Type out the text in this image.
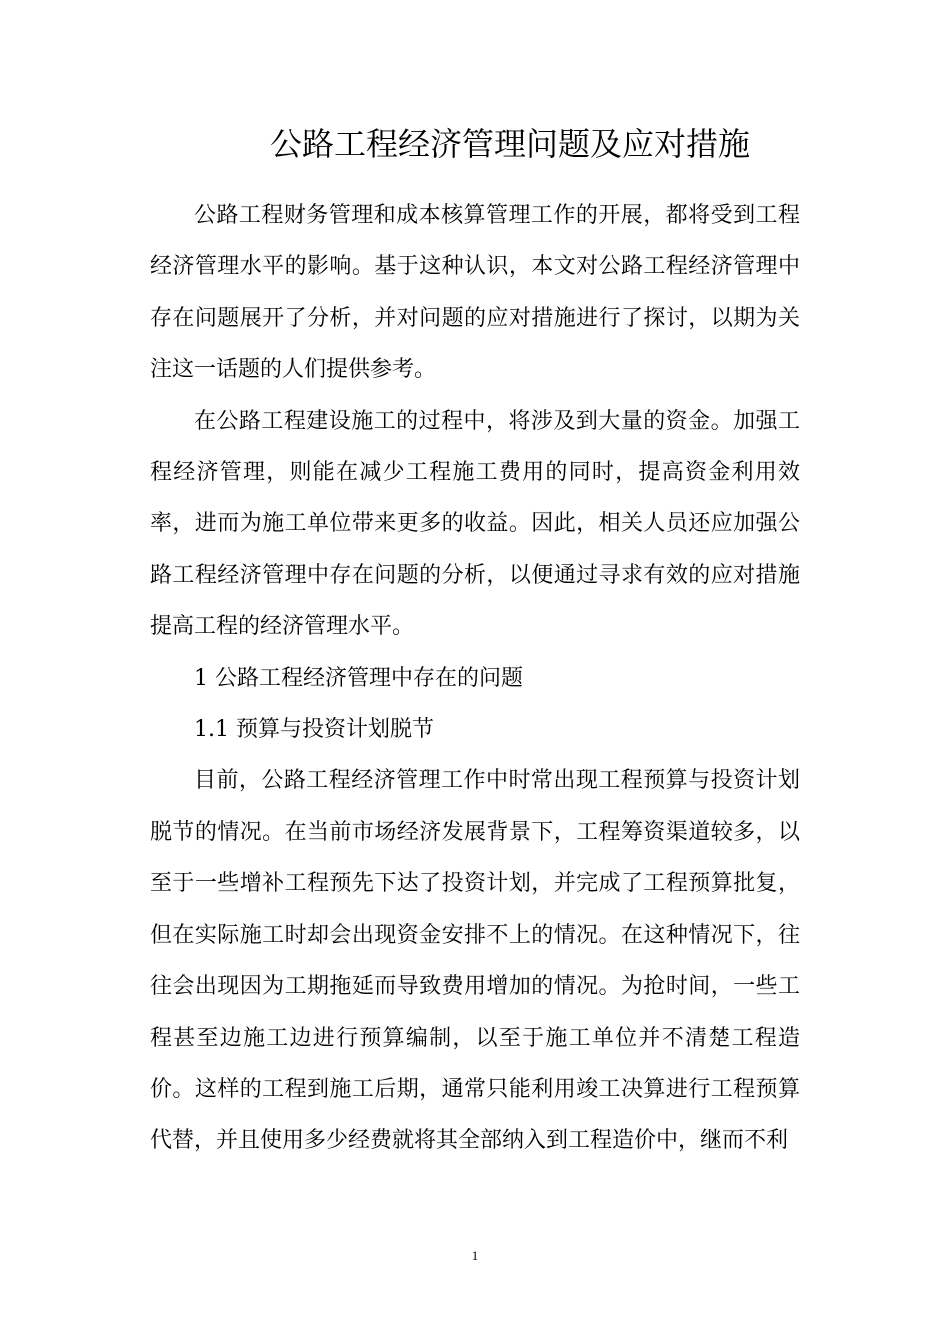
公路工程经济管理问题及应对措施

公路工程财务管理和成本核算管理工作的开展，都将受到工程经济管理水平的影响。基于这种认识，本文对公路工程经济管理中存在问题展开了分析，并对问题的应对措施进行了探讨，以期为关注这一话题的人们提供参考。

在公路工程建设施工的过程中，将涉及到大量的资金。加强工程经济管理，则能在减少工程施工费用的同时，提高资金利用效率，进而为施工单位带来更多的收益。因此，相关人员还应加强公路工程经济管理中存在问题的分析，以便通过寻求有效的应对措施提高工程的经济管理水平。

1 公路工程经济管理中存在的问题

1.1 预算与投资计划脱节

目前，公路工程经济管理工作中时常出现工程预算与投资计划脱节的情况。在当前市场经济发展背景下，工程筹资渠道较多，以至于一些增补工程预先下达了投资计划，并完成了工程预算批复，但在实际施工时却会出现资金安排不上的情况。在这种情况下，往往会出现因为工期拖延而导致费用增加的情况。为抢时间，一些工程甚至边施工边进行预算编制，以至于施工单位并不清楚工程造价。这样的工程到施工后期，通常只能利用竣工决算进行工程预算代替，并且使用多少经费就将其全部纳入到工程造价中，继而不利

1
